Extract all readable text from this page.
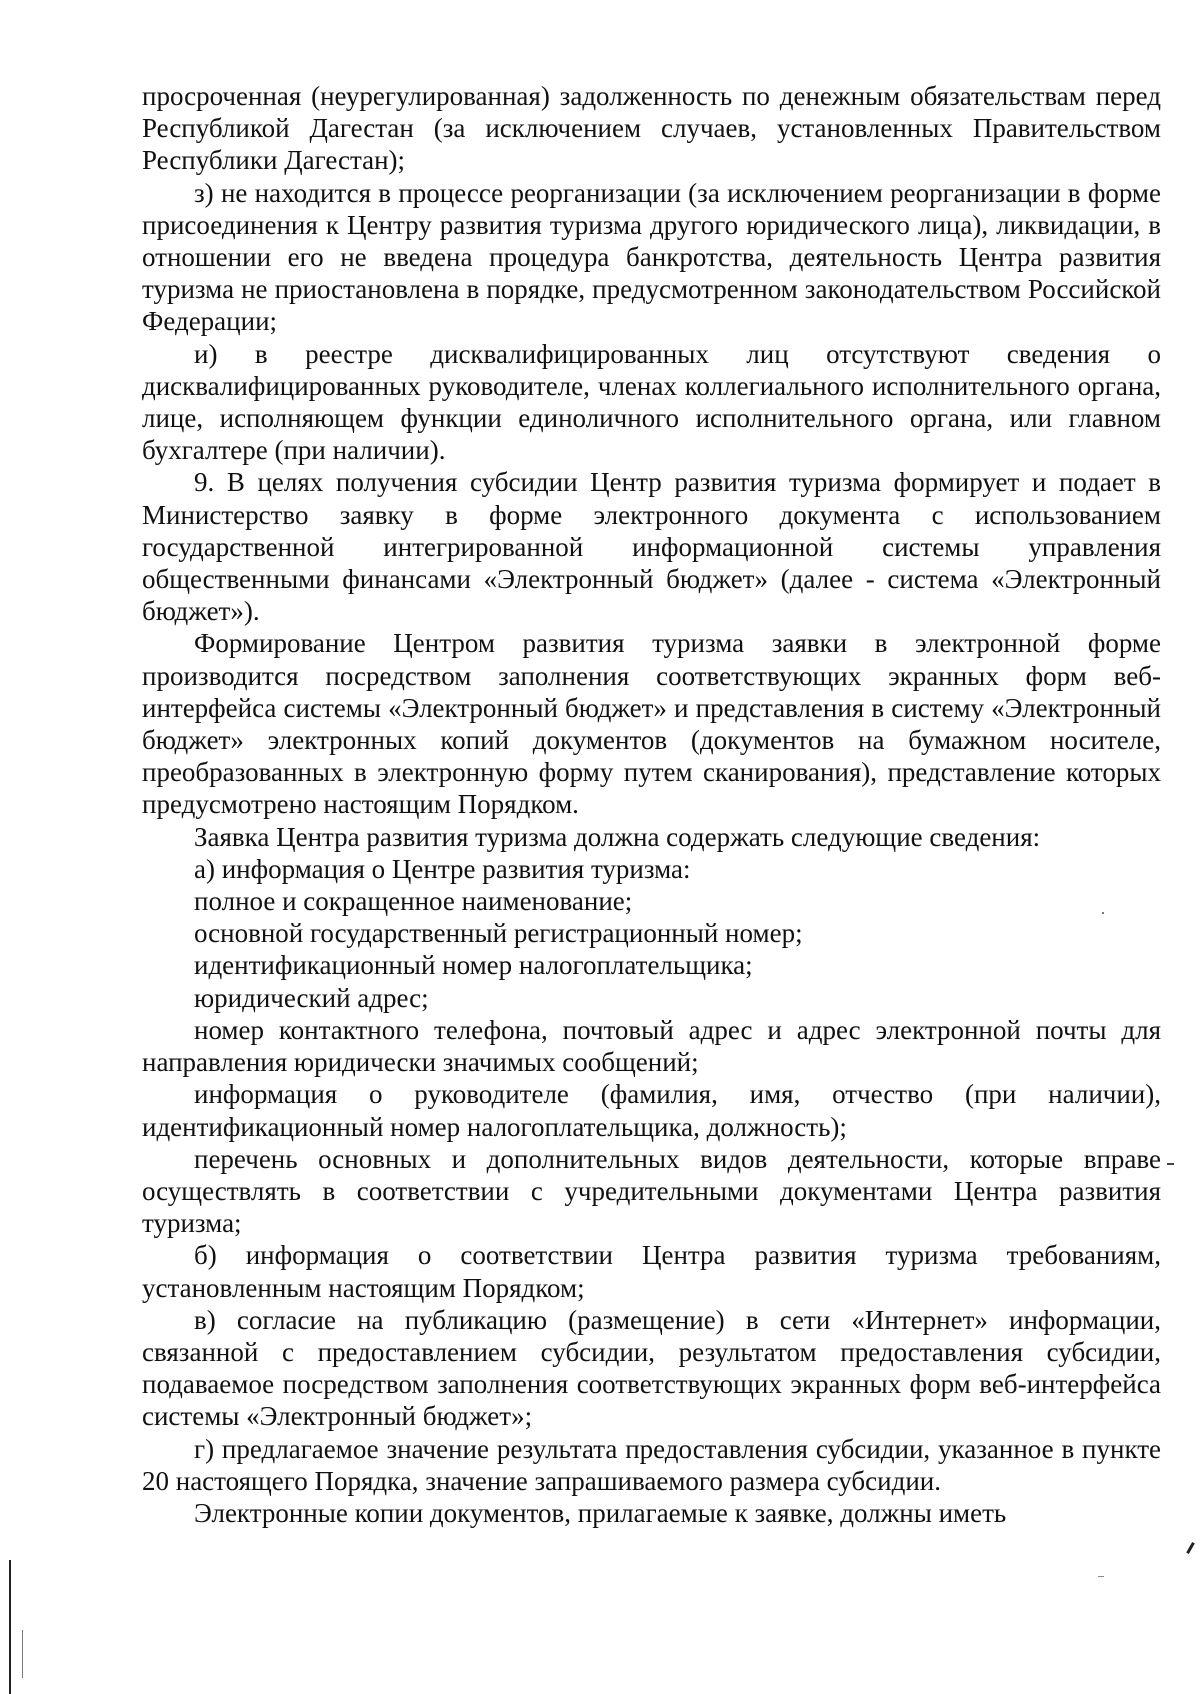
просроченная (неурегулированная) задолженность по денежным обязательствам перед Республикой Дагестан (за исключением случаев, установленных Правительством Республики Дагестан);

з) не находится в процессе реорганизации (за исключением реорганизации в форме присоединения к Центру развития туризма другого юридического лица), ликвидации, в отношении его не введена процедура банкротства, деятельность Центра развития туризма не приостановлена в порядке, предусмотренном законодательством Российской Федерации;

и) в реестре дисквалифицированных лиц отсутствуют сведения о дисквалифицированных руководителе, членах коллегиального исполнительного органа, лице, исполняющем функции единоличного исполнительного органа, или главном бухгалтере (при наличии).

9. В целях получения субсидии Центр развития туризма формирует и подает в Министерство заявку в форме электронного документа с использованием государственной интегрированной информационной системы управления общественными финансами «Электронный бюджет» (далее - система «Электронный бюджет»).

Формирование Центром развития туризма заявки в электронной форме производится посредством заполнения соответствующих экранных форм веб-интерфейса системы «Электронный бюджет» и представления в систему «Электронный бюджет» электронных копий документов (документов на бумажном носителе, преобразованных в электронную форму путем сканирования), представление которых предусмотрено настоящим Порядком.

Заявка Центра развития туризма должна содержать следующие сведения:

а) информация о Центре развития туризма:

полное и сокращенное наименование;

основной государственный регистрационный номер;

идентификационный номер налогоплательщика;

юридический адрес;

номер контактного телефона, почтовый адрес и адрес электронной почты для направления юридически значимых сообщений;

информация о руководителе (фамилия, имя, отчество (при наличии), идентификационный номер налогоплательщика, должность);

перечень основных и дополнительных видов деятельности, которые вправе осуществлять в соответствии с учредительными документами Центра развития туризма;

б) информация о соответствии Центра развития туризма требованиям, установленным настоящим Порядком;

в) согласие на публикацию (размещение) в сети «Интернет» информации, связанной с предоставлением субсидии, результатом предоставления субсидии, подаваемое посредством заполнения соответствующих экранных форм веб-интерфейса системы «Электронный бюджет»;

г) предлагаемое значение результата предоставления субсидии, указанное в пункте 20 настоящего Порядка, значение запрашиваемого размера субсидии.

Электронные копии документов, прилагаемые к заявке, должны иметь
